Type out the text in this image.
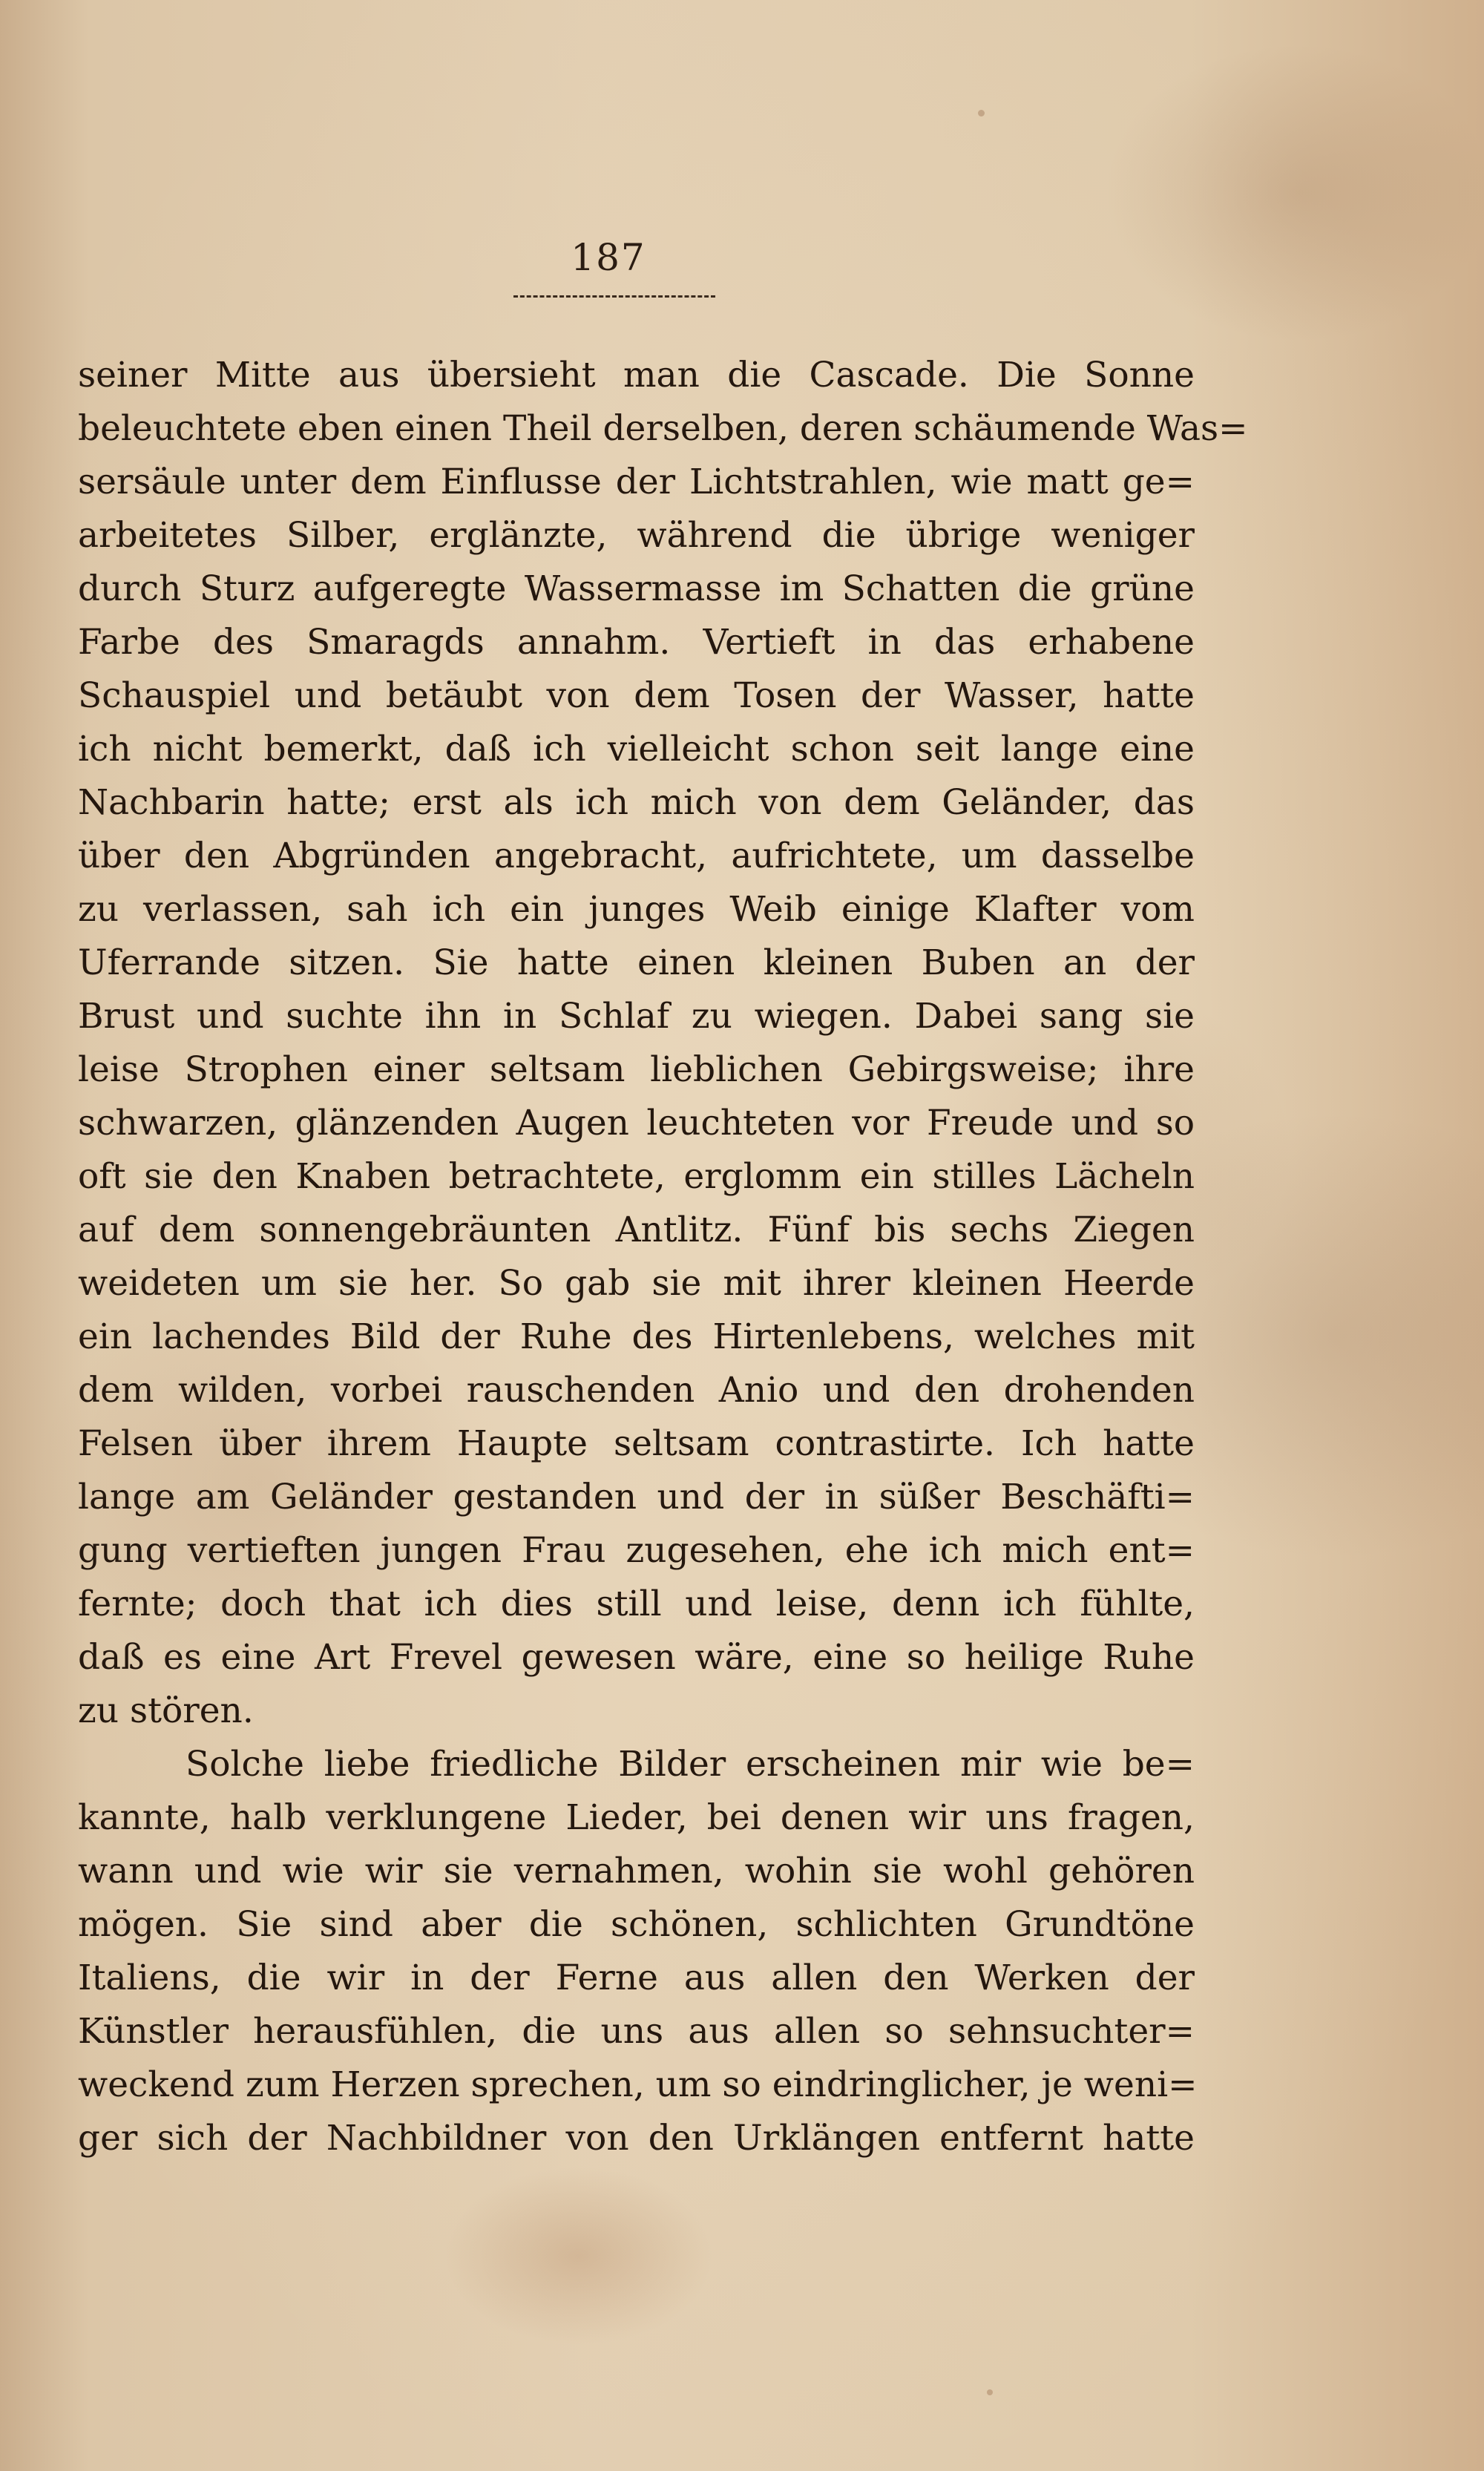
187
seiner Mitte aus übersieht man die Cascade. Die Sonne
beleuchtete eben einen Theil derselben, deren schäumende Was=
sersäule unter dem Einflusse der Lichtstrahlen, wie matt ge=
arbeitetes Silber, erglänzte, während die übrige weniger
durch Sturz aufgeregte Wassermasse im Schatten die grüne
Farbe des Smaragds annahm. Vertieft in das erhabene
Schauspiel und betäubt von dem Tosen der Wasser, hatte
ich nicht bemerkt, daß ich vielleicht schon seit lange eine
Nachbarin hatte; erst als ich mich von dem Geländer, das
über den Abgründen angebracht, aufrichtete, um dasselbe
zu verlassen, sah ich ein junges Weib einige Klafter vom
Uferrande sitzen. Sie hatte einen kleinen Buben an der
Brust und suchte ihn in Schlaf zu wiegen. Dabei sang sie
leise Strophen einer seltsam lieblichen Gebirgsweise; ihre
schwarzen, glänzenden Augen leuchteten vor Freude und so
oft sie den Knaben betrachtete, erglomm ein stilles Lächeln
auf dem sonnengebräunten Antlitz. Fünf bis sechs Ziegen
weideten um sie her. So gab sie mit ihrer kleinen Heerde
ein lachendes Bild der Ruhe des Hirtenlebens, welches mit
dem wilden, vorbei rauschenden Anio und den drohenden
Felsen über ihrem Haupte seltsam contrastirte. Ich hatte
lange am Geländer gestanden und der in süßer Beschäfti=
gung vertieften jungen Frau zugesehen, ehe ich mich ent=
fernte; doch that ich dies still und leise, denn ich fühlte,
daß es eine Art Frevel gewesen wäre, eine so heilige Ruhe
zu stören.
Solche liebe friedliche Bilder erscheinen mir wie be=
kannte, halb verklungene Lieder, bei denen wir uns fragen,
wann und wie wir sie vernahmen, wohin sie wohl gehören
mögen. Sie sind aber die schönen, schlichten Grundtöne
Italiens, die wir in der Ferne aus allen den Werken der
Künstler herausfühlen, die uns aus allen so sehnsuchter=
weckend zum Herzen sprechen, um so eindringlicher, je weni=
ger sich der Nachbildner von den Urklängen entfernt hatte
